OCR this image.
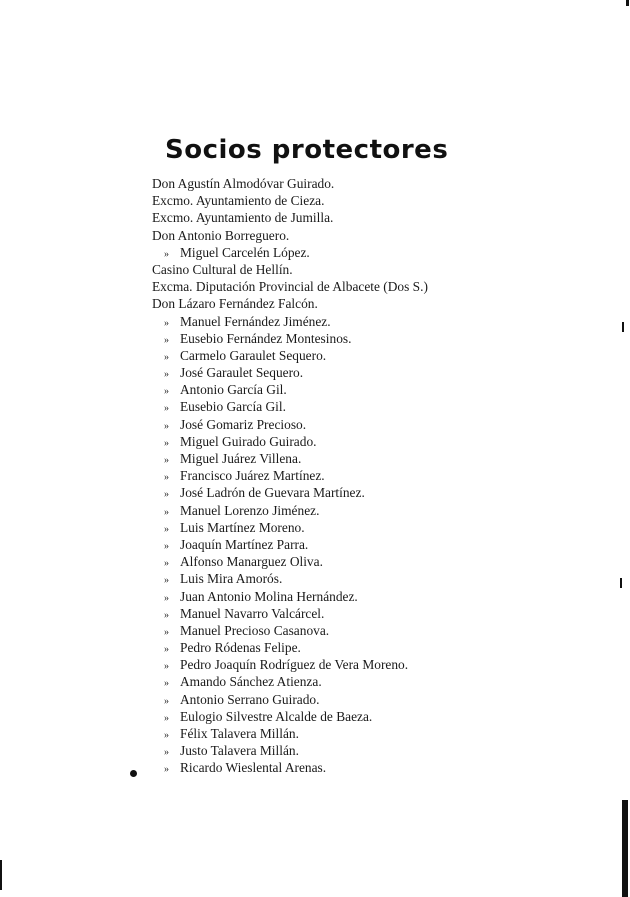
Socios protectores
Don Agustín Almodóvar Guirado.
Excmo. Ayuntamiento de Cieza.
Excmo. Ayuntamiento de Jumilla.
Don Antonio Borreguero.
» Miguel Carcelén López.
Casino Cultural de Hellín.
Excma. Diputación Provincial de Albacete (Dos S.)
Don Lázaro Fernández Falcón.
» Manuel Fernández Jiménez.
» Eusebio Fernández Montesinos.
» Carmelo Garaulet Sequero.
» José Garaulet Sequero.
» Antonio García Gil.
» Eusebio García Gil.
» José Gomariz Precioso.
» Miguel Guirado Guirado.
» Miguel Juárez Villena.
» Francisco Juárez Martínez.
» José Ladrón de Guevara Martínez.
» Manuel Lorenzo Jiménez.
» Luis Martínez Moreno.
» Joaquín Martínez Parra.
» Alfonso Manarguez Oliva.
» Luis Mira Amorós.
» Juan Antonio Molina Hernández.
» Manuel Navarro Valcárcel.
» Manuel Precioso Casanova.
» Pedro Ródenas Felipe.
» Pedro Joaquín Rodríguez de Vera Moreno.
» Amando Sánchez Atienza.
» Antonio Serrano Guirado.
» Eulogio Silvestre Alcalde de Baeza.
» Félix Talavera Millán.
» Justo Talavera Millán.
» Ricardo Wieslental Arenas.
